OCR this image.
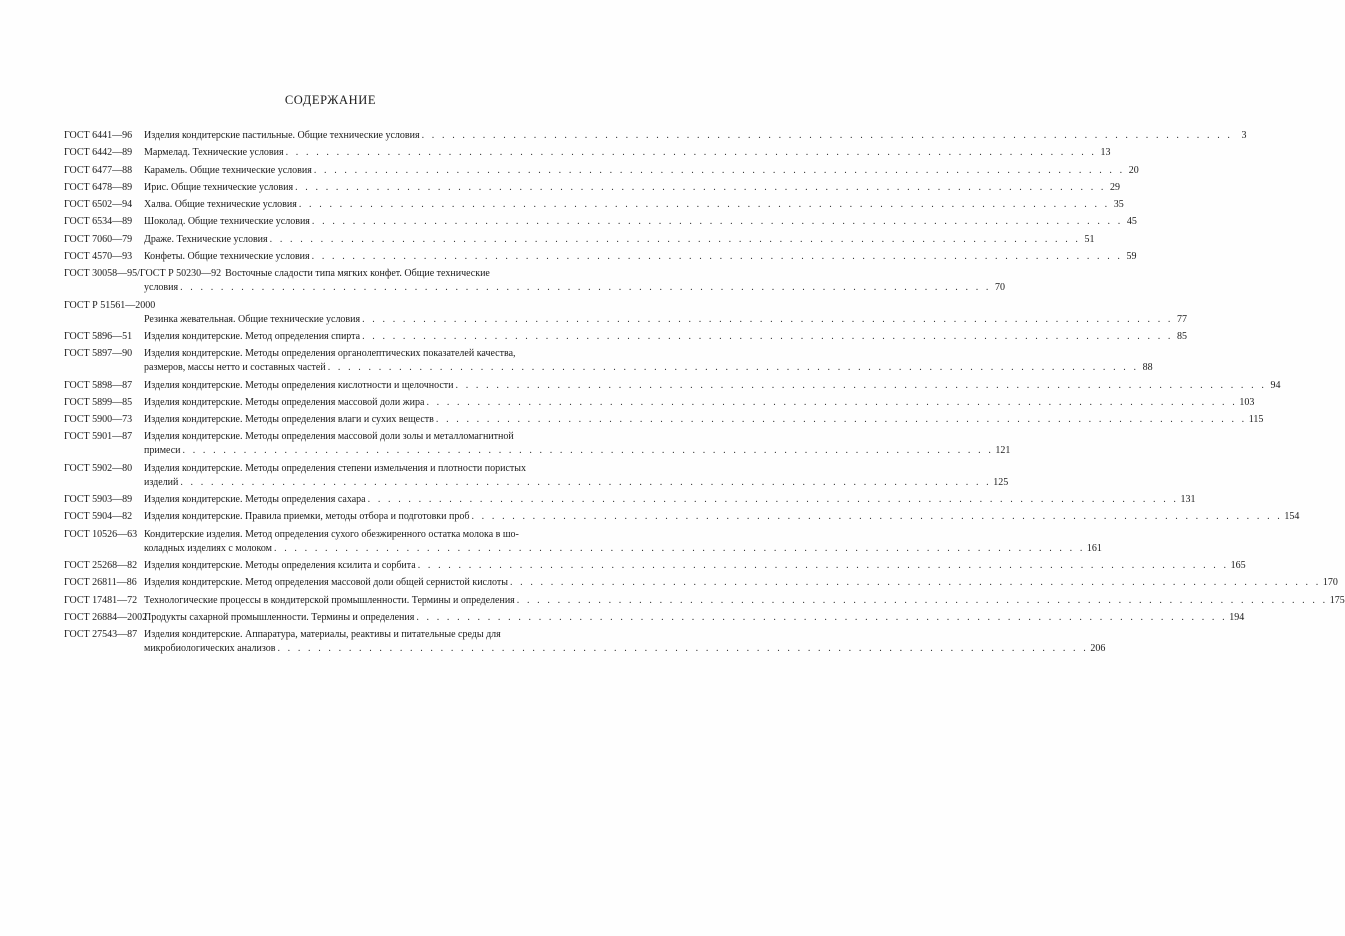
СОДЕРЖАНИЕ
ГОСТ 6441—96	Изделия кондитерские пастильные. Общие технические условия . . . . . . . . . . . . . . . . . . . . . . . . . . . . . . . . . . . . . . . . . . . . . . . . . . . . . . . . . . . . . . . . . . . . . . . . . . . . . . . . 3
ГОСТ 6442—89	Мармелад. Технические условия . . . . . . . . . . . . . . . . . . . . . . . . . . . . . . . . . . . . . . . . . . . . . . . . . . . . . . . . . . . . . . . . . . . . . . . . . . . . . . . . 13
ГОСТ 6477—88	Карамель. Общие технические условия . . . . . . . . . . . . . . . . . . . . . . . . . . . . . . . . . . . . . . . . . . . . . . . . . . . . . . . . . . . . . . . . . . . . . . . . . . . . . . . . 20
ГОСТ 6478—89	Ирис. Общие технические условия . . . . . . . . . . . . . . . . . . . . . . . . . . . . . . . . . . . . . . . . . . . . . . . . . . . . . . . . . . . . . . . . . . . . . . . . . . . . . . . . 29
ГОСТ 6502—94	Халва. Общие технические условия . . . . . . . . . . . . . . . . . . . . . . . . . . . . . . . . . . . . . . . . . . . . . . . . . . . . . . . . . . . . . . . . . . . . . . . . . . . . . . . . 35
ГОСТ 6534—89	Шоколад. Общие технические условия . . . . . . . . . . . . . . . . . . . . . . . . . . . . . . . . . . . . . . . . . . . . . . . . . . . . . . . . . . . . . . . . . . . . . . . . . . . . . . . . 45
ГОСТ 7060—79	Драже. Технические условия . . . . . . . . . . . . . . . . . . . . . . . . . . . . . . . . . . . . . . . . . . . . . . . . . . . . . . . . . . . . . . . . . . . . . . . . . . . . . . . . 51
ГОСТ 4570—93	Конфеты. Общие технические условия . . . . . . . . . . . . . . . . . . . . . . . . . . . . . . . . . . . . . . . . . . . . . . . . . . . . . . . . . . . . . . . . . . . . . . . . . . . . . . . . 59
ГОСТ 30058—95/ГОСТ Р 50230—92 Восточные сладости типа мягких конфет. Общие технические
условия . . . . . . . . . . . . . . . . . . . . . . . . . . . . . . . . . . . . . . . . . . . . . . . . . . . . . . . . . . . . . . . . . . . . . . . . . . . . . . . . 70
ГОСТ Р 51561—2000
Резинка жевательная. Общие технические условия . . . . . . . . . . . . . . . . . . . . . . . . . . . . . . . . . . . . . . . . . . . . . . . . . . . . . . . . . . . . . . . . . . . . . . . . . . . . . . . . 77
ГОСТ 5896—51	Изделия кондитерские. Метод определения спирта . . . . . . . . . . . . . . . . . . . . . . . . . . . . . . . . . . . . . . . . . . . . . . . . . . . . . . . . . . . . . . . . . . . . . . . . . . . . . . . . 85
ГОСТ 5897—90	Изделия кондитерские. Методы определения органолептических показателей качества,
размеров, массы нетто и составных частей . . . . . . . . . . . . . . . . . . . . . . . . . . . . . . . . . . . . . . . . . . . . . . . . . . . . . . . . . . . . . . . . . . . . . . . . . . . . . . . . 88
ГОСТ 5898—87	Изделия кондитерские. Методы определения кислотности и щелочности . . . . . . . . . . . . . . . . . . . . . . . . . . . . . . . . . . . . . . . . . . . . . . . . . . . . . . . . . . . . . . . . . . . . . . . . . . . . . . . . 94
ГОСТ 5899—85	Изделия кондитерские. Методы определения массовой доли жира . . . . . . . . . . . . . . . . . . . . . . . . . . . . . . . . . . . . . . . . . . . . . . . . . . . . . . . . . . . . . . . . . . . . . . . . . . . . . . . . 103
ГОСТ 5900—73	Изделия кондитерские. Методы определения влаги и сухих веществ . . . . . . . . . . . . . . . . . . . . . . . . . . . . . . . . . . . . . . . . . . . . . . . . . . . . . . . . . . . . . . . . . . . . . . . . . . . . . . . . 115
ГОСТ 5901—87	Изделия кондитерские. Методы определения массовой доли золы и металломагнитной
примеси . . . . . . . . . . . . . . . . . . . . . . . . . . . . . . . . . . . . . . . . . . . . . . . . . . . . . . . . . . . . . . . . . . . . . . . . . . . . . . . . 121
ГОСТ 5902—80	Изделия кондитерские. Методы определения степени измельчения и плотности пористых
изделий . . . . . . . . . . . . . . . . . . . . . . . . . . . . . . . . . . . . . . . . . . . . . . . . . . . . . . . . . . . . . . . . . . . . . . . . . . . . . . . . 125
ГОСТ 5903—89	Изделия кондитерские. Методы определения сахара . . . . . . . . . . . . . . . . . . . . . . . . . . . . . . . . . . . . . . . . . . . . . . . . . . . . . . . . . . . . . . . . . . . . . . . . . . . . . . . . 131
ГОСТ 5904—82	Изделия кондитерские. Правила приемки, методы отбора и подготовки проб . . . . . . . . . . . . . . . . . . . . . . . . . . . . . . . . . . . . . . . . . . . . . . . . . . . . . . . . . . . . . . . . . . . . . . . . . . . . . . . . 154
ГОСТ 10526—63 Кондитерские изделия. Метод определения сухого обезжиренного остатка молока в шо-
коладных изделиях с молоком . . . . . . . . . . . . . . . . . . . . . . . . . . . . . . . . . . . . . . . . . . . . . . . . . . . . . . . . . . . . . . . . . . . . . . . . . . . . . . . . 161
ГОСТ 25268—82 Изделия кондитерские. Методы определения ксилита и сорбита . . . . . . . . . . . . . . . . . . . . . . . . . . . . . . . . . . . . . . . . . . . . . . . . . . . . . . . . . . . . . . . . . . . . . . . . . . . . . . . . 165
ГОСТ 26811—86 Изделия кондитерские. Метод определения массовой доли общей сернистой кислоты . . . . . . . . . . . . . . . . . . . . . . . . . . . . . . . . . . . . . . . . . . . . . . . . . . . . . . . . . . . . . . . . . . . . . . . . . . . . . . . . 170
ГОСТ 17481—72 Технологические процессы в кондитерской промышленности. Термины и определения . . . . . . . . . . . . . . . . . . . . . . . . . . . . . . . . . . . . . . . . . . . . . . . . . . . . . . . . . . . . . . . . . . . . . . . . . . . . . . . . 175
ГОСТ 26884—2002
Продукты сахарной промышленности. Термины и определения . . . . . . . . . . . . . . . . . . . . . . . . . . . . . . . . . . . . . . . . . . . . . . . . . . . . . . . . . . . . . . . . . . . . . . . . . . . . . . . . 194
ГОСТ 27543—87 Изделия кондитерские. Аппаратура, материалы, реактивы и питательные среды для
микробиологических анализов . . . . . . . . . . . . . . . . . . . . . . . . . . . . . . . . . . . . . . . . . . . . . . . . . . . . . . . . . . . . . . . . . . . . . . . . . . . . . . . . 206
